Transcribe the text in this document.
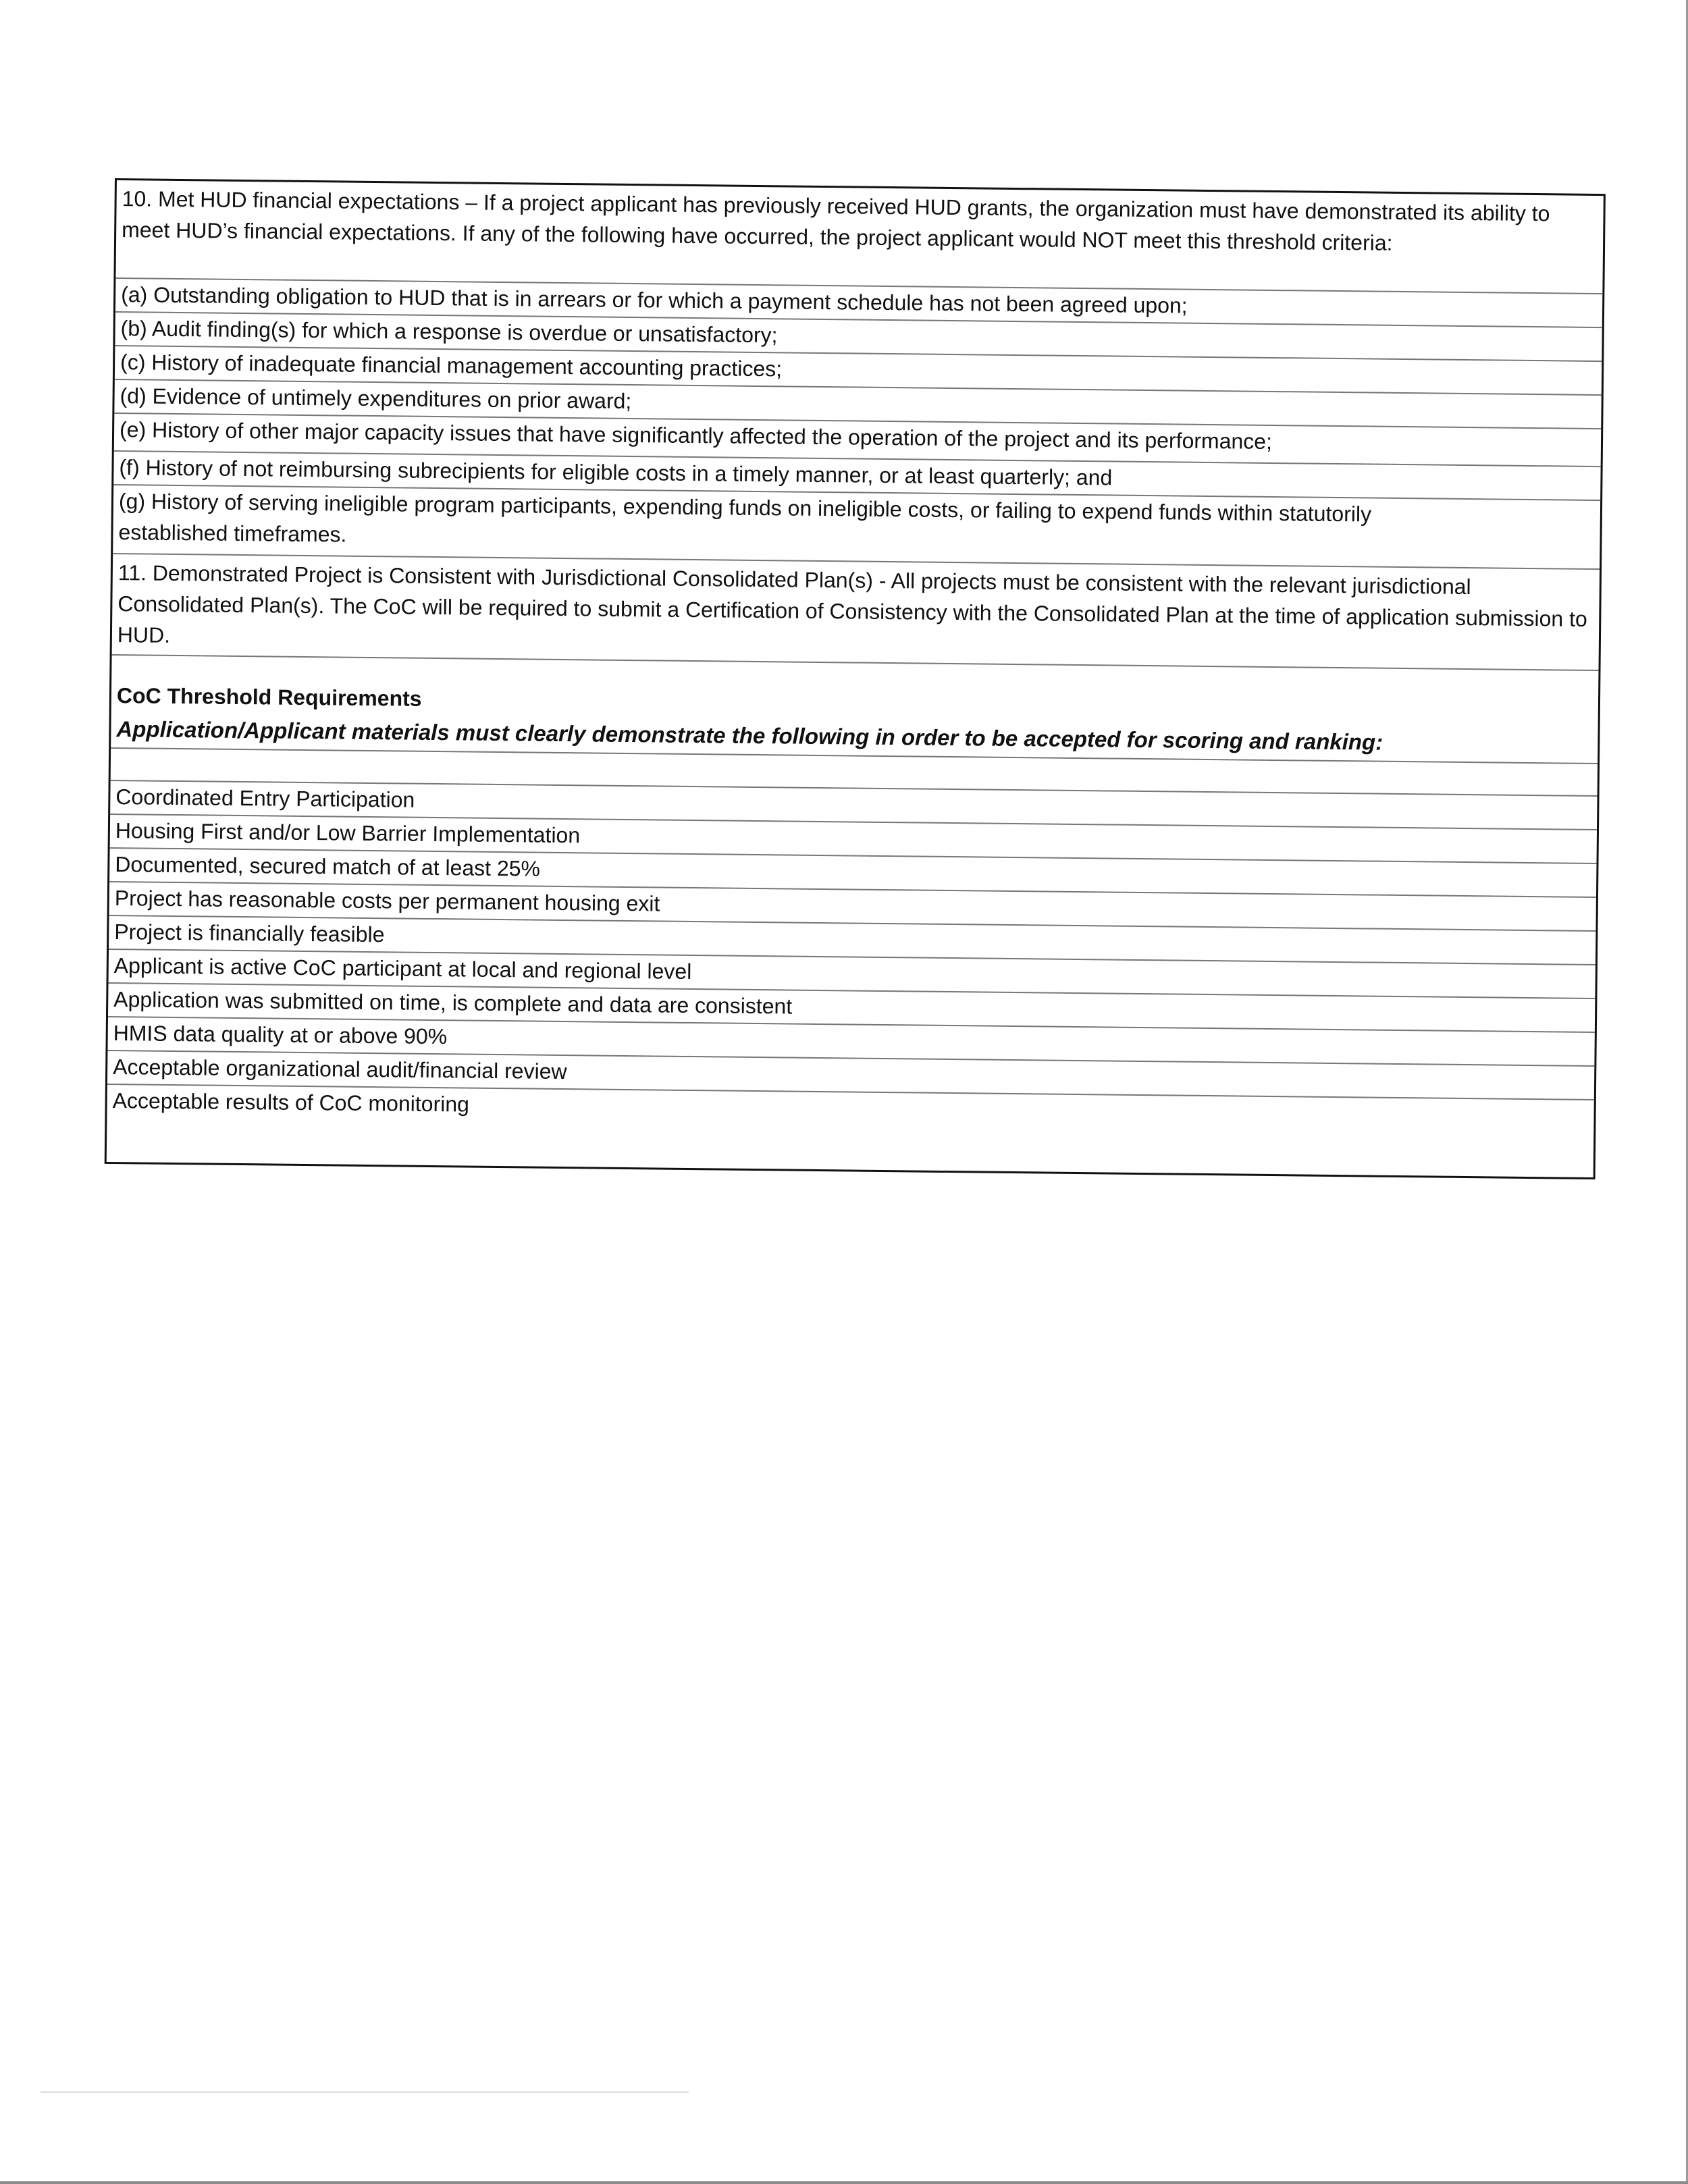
10. Met HUD financial expectations – If a project applicant has previously received HUD grants, the organization must have demonstrated its ability to meet HUD’s financial expectations. If any of the following have occurred, the project applicant would NOT meet this threshold criteria:
(a) Outstanding obligation to HUD that is in arrears or for which a payment schedule has not been agreed upon;
(b) Audit finding(s) for which a response is overdue or unsatisfactory;
(c) History of inadequate financial management accounting practices;
(d) Evidence of untimely expenditures on prior award;
(e) History of other major capacity issues that have significantly affected the operation of the project and its performance;
(f) History of not reimbursing subrecipients for eligible costs in a timely manner, or at least quarterly; and
(g) History of serving ineligible program participants, expending funds on ineligible costs, or failing to expend funds within statutorily established timeframes.
11. Demonstrated Project is Consistent with Jurisdictional Consolidated Plan(s) - All projects must be consistent with the relevant jurisdictional Consolidated Plan(s). The CoC will be required to submit a Certification of Consistency with the Consolidated Plan at the time of application submission to HUD.
CoC Threshold Requirements
Application/Applicant materials must clearly demonstrate the following in order to be accepted for scoring and ranking:
Coordinated Entry Participation
Housing First and/or Low Barrier Implementation
Documented, secured match of at least 25%
Project has reasonable costs per permanent housing exit
Project is financially feasible
Applicant is active CoC participant at local and regional level
Application was submitted on time, is complete and data are consistent
HMIS data quality at or above 90%
Acceptable organizational audit/financial review
Acceptable results of CoC monitoring
